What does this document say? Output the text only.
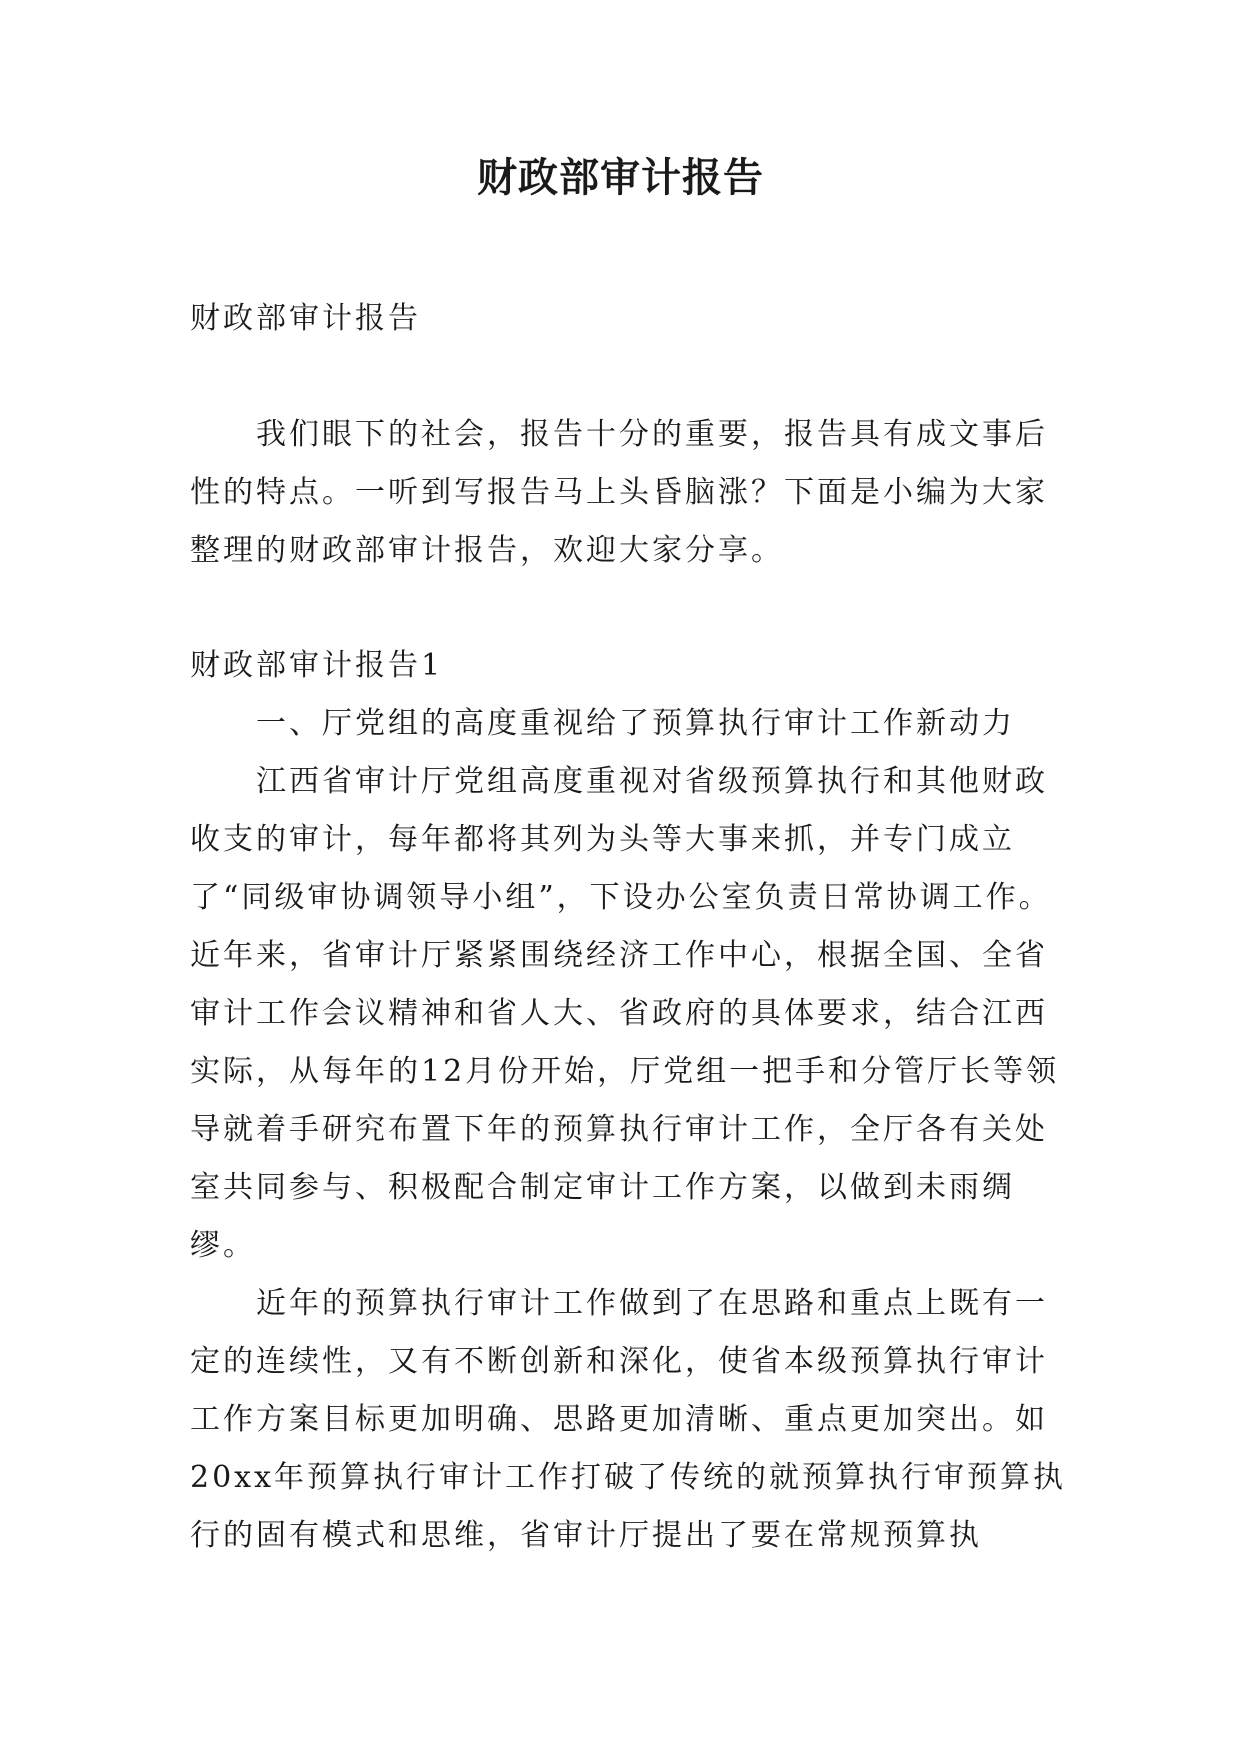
财政部审计报告
财政部审计报告

我们眼下的社会，报告十分的重要，报告具有成文事后性的特点。一听到写报告马上头昏脑涨？下面是小编为大家整理的财政部审计报告，欢迎大家分享。

财政部审计报告1

一、厅党组的高度重视给了预算执行审计工作新动力

江西省审计厅党组高度重视对省级预算执行和其他财政收支的审计，每年都将其列为头等大事来抓，并专门成立了“同级审协调领导小组”，下设办公室负责日常协调工作。近年来，省审计厅紧紧围绕经济工作中心，根据全国、全省审计工作会议精神和省人大、省政府的具体要求，结合江西实际，从每年的12月份开始，厅党组一把手和分管厅长等领导就着手研究布置下年的预算执行审计工作，全厅各有关处室共同参与、积极配合制定审计工作方案，以做到未雨绸缪。

近年的预算执行审计工作做到了在思路和重点上既有一定的连续性，又有不断创新和深化，使省本级预算执行审计工作方案目标更加明确、思路更加清晰、重点更加突出。如20xx年预算执行审计工作打破了传统的就预算执行审预算执行的固有模式和思维，省审计厅提出了要在常规预算执
